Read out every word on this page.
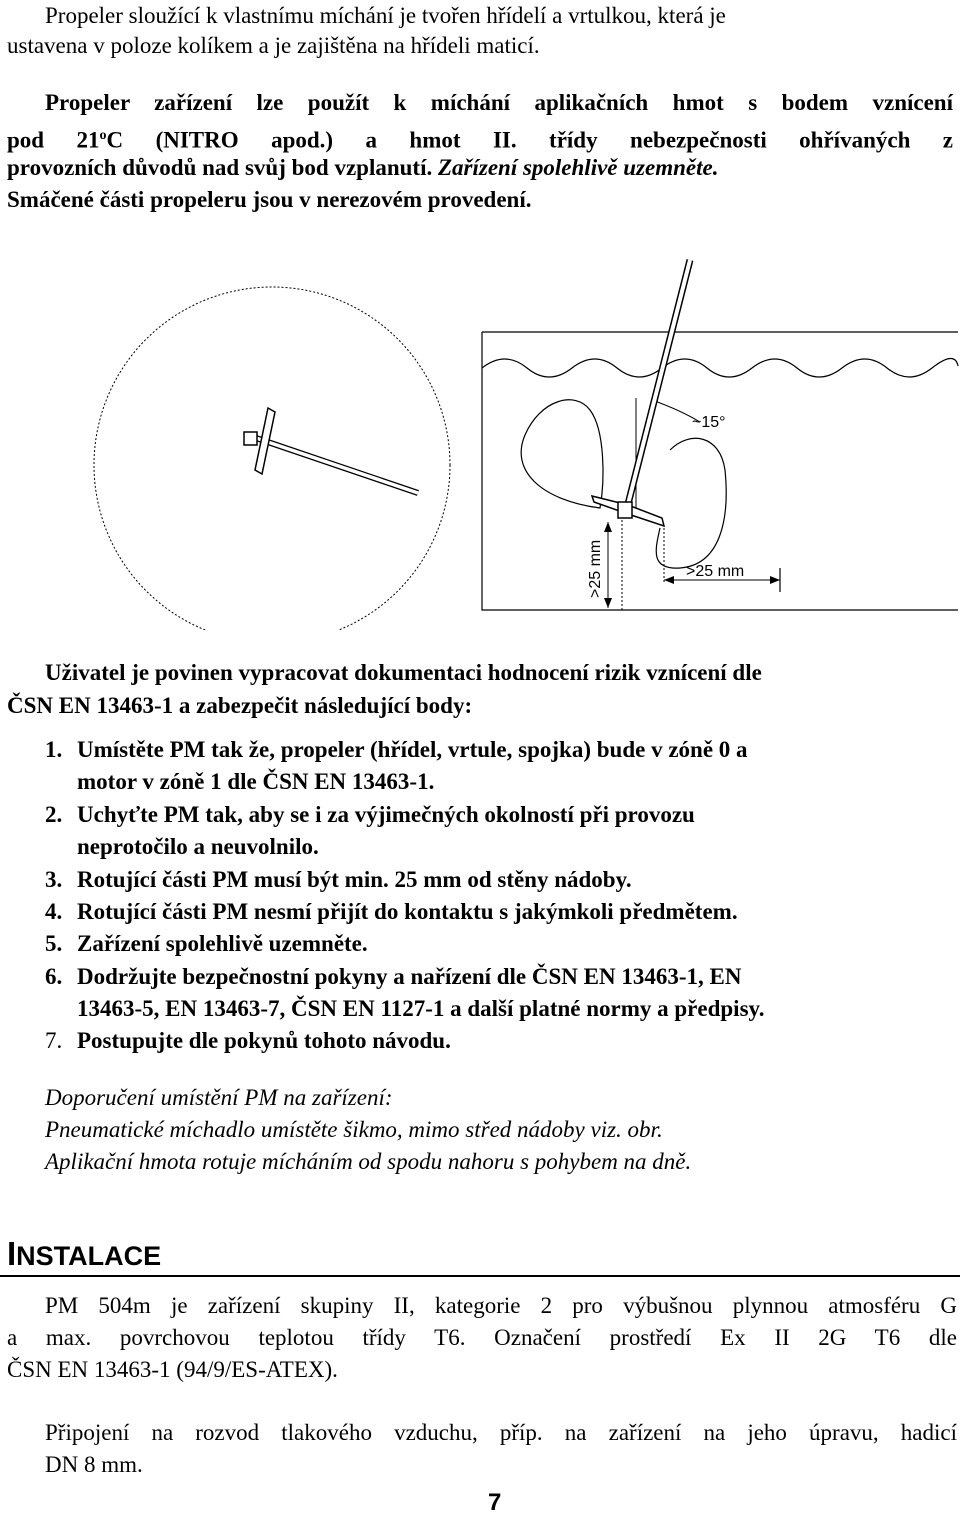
Propeler sloužící k vlastnímu míchání je tvořen hřídelí a vrtulkou, která je
ustavena v poloze kolíkem a je zajištěna na hřídeli maticí.
Propeler zařízení lze použít k míchání aplikačních hmot s bodem vznícení
pod 21$^o$C (NITRO apod.) a hmot II. třídy nebezpečnosti ohřívaných z
provozních důvodů nad svůj bod vzplanutí. Zařízení spolehlivě uzemněte.
Smáčené části propeleru jsou v nerezovém provedení.
~15°
>25 mm	>25 mm
Uživatel je povinen vypracovat dokumentaci hodnocení rizik vznícení dle
ČSN EN 13463-1 a zabezpečit následující body:
1. Umístěte PM tak že, propeler (hřídel, vrtule, spojka) bude v zóně 0 a
motor v zóně 1 dle ČSN EN 13463-1.
2. Uchyťte PM tak, aby se i za výjimečných okolností při provozu
neprotočilo a neuvolnilo.
3. Rotující části PM musí být min. 25 mm od stěny nádoby.
4. Rotující části PM nesmí přijít do kontaktu s jakýmkoli předmětem.
5. Zařízení spolehlivě uzemněte.
6. Dodržujte bezpečnostní pokyny a nařízení dle ČSN EN 13463-1, EN
13463-5, EN 13463-7, ČSN EN 1127-1 a další platné normy a předpisy.
7. Postupujte dle pokynů tohoto návodu.
Doporučení umístění PM na zařízení:
Pneumatické míchadlo umístěte šikmo, mimo střed nádoby viz. obr.
Aplikační hmota rotuje mícháním od spodu nahoru s pohybem na dně.
INSTALACE
PM 504m je zařízení skupiny II, kategorie 2 pro výbušnou plynnou atmosféru G
a max. povrchovou teplotou třídy T6. Označení prostředí Ex II 2G T6 dle
ČSN EN 13463-1 (94/9/ES-ATEX).
Připojení na rozvod tlakového vzduchu, příp. na zařízení na jeho úpravu, hadicí
DN 8 mm.
7
